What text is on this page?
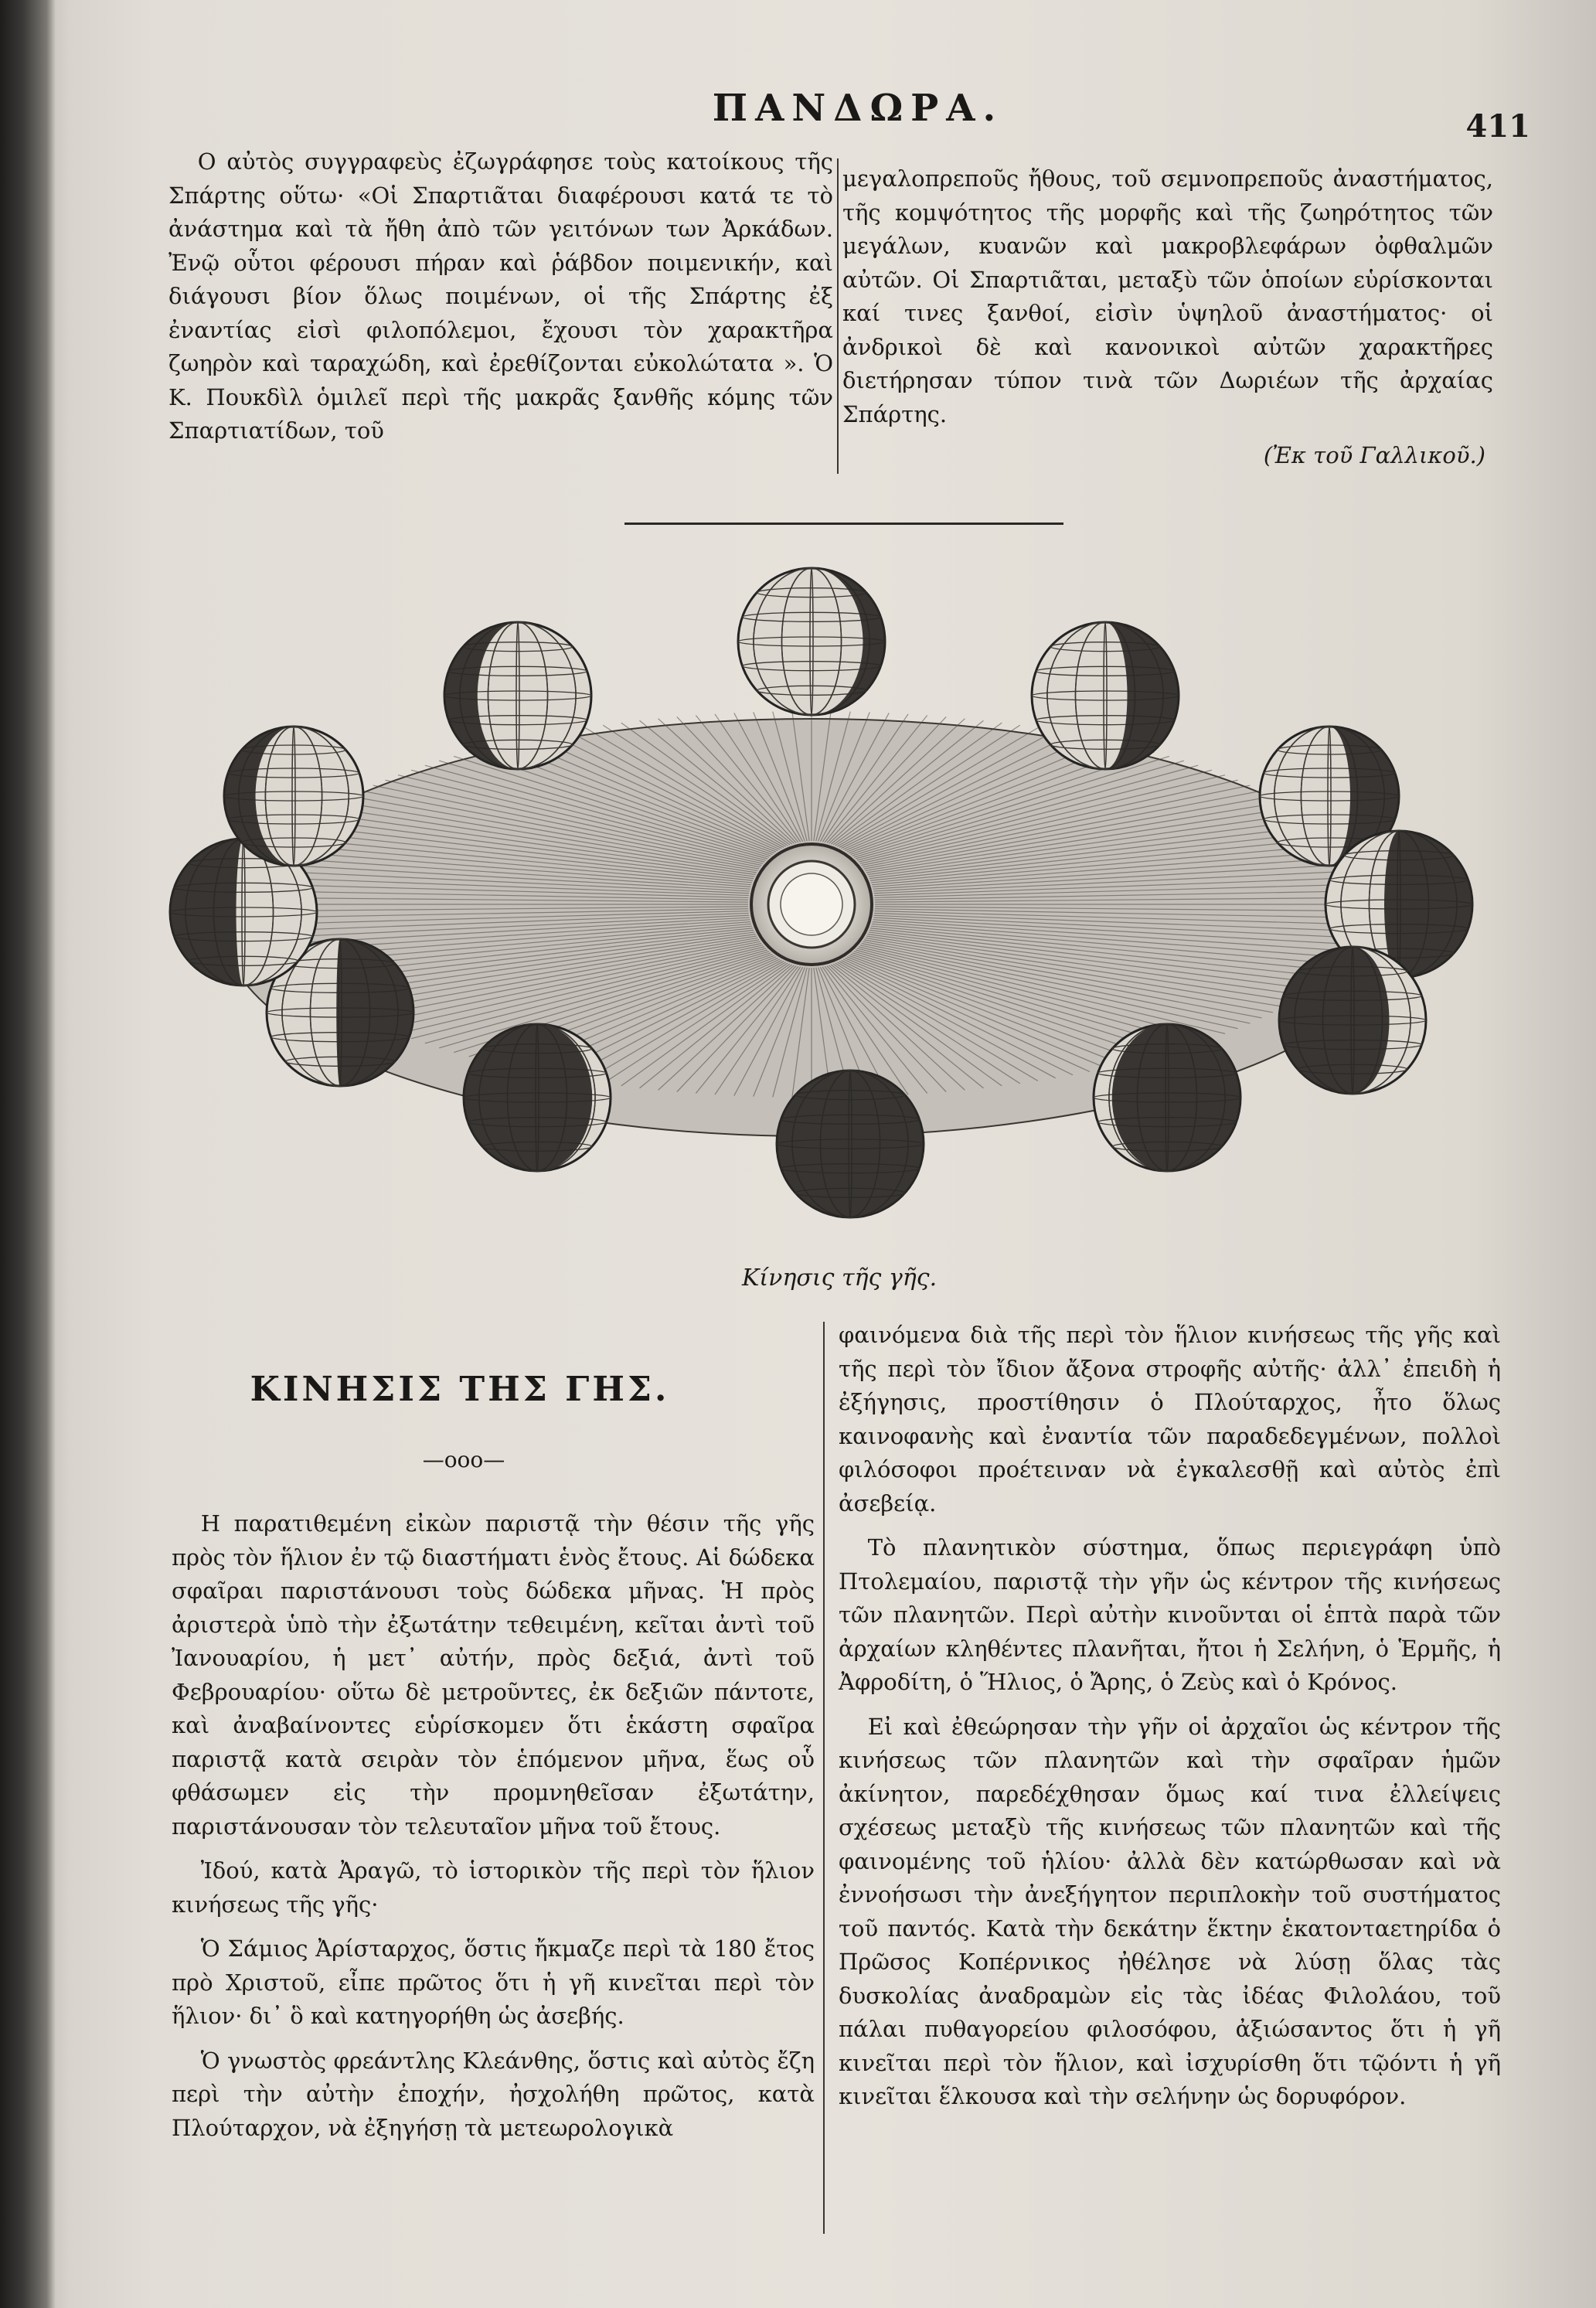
ΠΑΝΔΩΡΑ.	411

Ο αὐτὸς συγγραφεὺς ἐζωγράφησε τοὺς κατοίκους τῆς Σπάρτης οὕτω· «Οἱ Σπαρτιᾶται διαφέρουσι κατά τε τὸ ἀνάστημα καὶ τὰ ἤθη ἀπὸ τῶν γειτόνων των Ἀρκάδων. Ἐνῷ οὗτοι φέρουσι πήραν καὶ ῥάβδον ποιμενικήν, καὶ διάγουσι βίον ὅλως ποιμένων, οἱ τῆς Σπάρτης ἐξ ἐναντίας εἰσὶ φιλοπόλεμοι, ἔχουσι τὸν χαρακτῆρα ζωηρὸν καὶ ταραχώδη, καὶ ἐρεθίζονται εὐκολώτατα ». Ὁ Κ. Πουκδὶλ ὁμιλεῖ περὶ τῆς μακρᾶς ξανθῆς κόμης τῶν Σπαρτιατίδων, τοῦ

μεγαλοπρεποῦς ἤθους, τοῦ σεμνοπρεποῦς ἀναστήματος, τῆς κομψότητος τῆς μορφῆς καὶ τῆς ζωηρότητος τῶν μεγάλων, κυανῶν καὶ μακροβλεφάρων ὀφθαλμῶν αὐτῶν. Οἱ Σπαρτιᾶται, μεταξὺ τῶν ὁποίων εὑρίσκονται καί τινες ξανθοί, εἰσὶν ὑψηλοῦ ἀναστήματος· οἱ ἀνδρικοὶ δὲ καὶ κανονικοὶ αὐτῶν χαρακτῆρες διετήρησαν τύπον τινὰ τῶν Δωριέων τῆς ἀρχαίας Σπάρτης.

(Ἐκ τοῦ Γαλλικοῦ.)

Κίνησις τῆς γῆς.
ΚΙΝΗΣΙΣ ΤΗΣ ΓΗΣ.
—ooo—

Η παρατιθεμένη εἰκὼν παριστᾷ τὴν θέσιν τῆς γῆς πρὸς τὸν ἥλιον ἐν τῷ διαστήματι ἑνὸς ἔτους. Αἱ δώδεκα σφαῖραι παριστάνουσι τοὺς δώδεκα μῆνας. Ἡ πρὸς ἀριστερὰ ὑπὸ τὴν ἐξωτάτην τεθειμένη, κεῖται ἀντὶ τοῦ Ἰανουαρίου, ἡ μετ᾽ αὐτήν, πρὸς δεξιά, ἀντὶ τοῦ Φεβρουαρίου· οὕτω δὲ μετροῦντες, ἐκ δεξιῶν πάντοτε, καὶ ἀναβαίνοντες εὑρίσκομεν ὅτι ἑκάστη σφαῖρα παριστᾷ κατὰ σειρὰν τὸν ἑπόμενον μῆνα, ἕως οὗ φθάσωμεν εἰς τὴν προμνηθεῖσαν ἐξωτάτην, παριστάνουσαν τὸν τελευταῖον μῆνα τοῦ ἔτους.

Ἰδού, κατὰ Ἀραγῶ, τὸ ἱστορικὸν τῆς περὶ τὸν ἥλιον κινήσεως τῆς γῆς·

Ὁ Σάμιος Ἀρίσταρχος, ὅστις ἤκμαζε περὶ τὰ 180 ἔτος πρὸ Χριστοῦ, εἶπε πρῶτος ὅτι ἡ γῆ κινεῖται περὶ τὸν ἥλιον· δι᾽ ὃ καὶ κατηγορήθη ὡς ἀσεβής.

Ὁ γνωστὸς φρεάντλης Κλεάνθης, ὅστις καὶ αὐτὸς ἔζη περὶ τὴν αὐτὴν ἐποχήν, ἠσχολήθη πρῶτος, κατὰ Πλούταρχον, νὰ ἐξηγήσῃ τὰ μετεωρολογικὰ

φαινόμενα διὰ τῆς περὶ τὸν ἥλιον κινήσεως τῆς γῆς καὶ τῆς περὶ τὸν ἴδιον ἄξονα στροφῆς αὐτῆς· ἀλλ᾽ ἐπειδὴ ἡ ἐξήγησις, προστίθησιν ὁ Πλούταρχος, ἦτο ὅλως καινοφανὴς καὶ ἐναντία τῶν παραδεδεγμένων, πολλοὶ φιλόσοφοι προέτειναν νὰ ἐγκαλεσθῇ καὶ αὐτὸς ἐπὶ ἀσεβείᾳ.

Τὸ πλανητικὸν σύστημα, ὅπως περιεγράφη ὑπὸ Πτολεμαίου, παριστᾷ τὴν γῆν ὡς κέντρον τῆς κινήσεως τῶν πλανητῶν. Περὶ αὐτὴν κινοῦνται οἱ ἑπτὰ παρὰ τῶν ἀρχαίων κληθέντες πλανῆται, ἤτοι ἡ Σελήνη, ὁ Ἑρμῆς, ἡ Ἀφροδίτη, ὁ Ἥλιος, ὁ Ἄρης, ὁ Ζεὺς καὶ ὁ Κρόνος.

Εἰ καὶ ἐθεώρησαν τὴν γῆν οἱ ἀρχαῖοι ὡς κέντρον τῆς κινήσεως τῶν πλανητῶν καὶ τὴν σφαῖραν ἡμῶν ἀκίνητον, παρεδέχθησαν ὅμως καί τινα ἐλλείψεις σχέσεως μεταξὺ τῆς κινήσεως τῶν πλανητῶν καὶ τῆς φαινομένης τοῦ ἡλίου· ἀλλὰ δὲν κατώρθωσαν καὶ νὰ ἐννοήσωσι τὴν ἀνεξήγητον περιπλοκὴν τοῦ συστήματος τοῦ παντός. Κατὰ τὴν δεκάτην ἕκτην ἑκατονταετηρίδα ὁ Πρῶσος Κοπέρνικος ἠθέλησε νὰ λύσῃ ὅλας τὰς δυσκολίας ἀναδραμὼν εἰς τὰς ἰδέας Φιλολάου, τοῦ πάλαι πυθαγορείου φιλοσόφου, ἀξιώσαντος ὅτι ἡ γῆ κινεῖται περὶ τὸν ἥλιον, καὶ ἰσχυρίσθη ὅτι τῷόντι ἡ γῆ κινεῖται ἕλκουσα καὶ τὴν σελήνην ὡς δορυφόρον.
